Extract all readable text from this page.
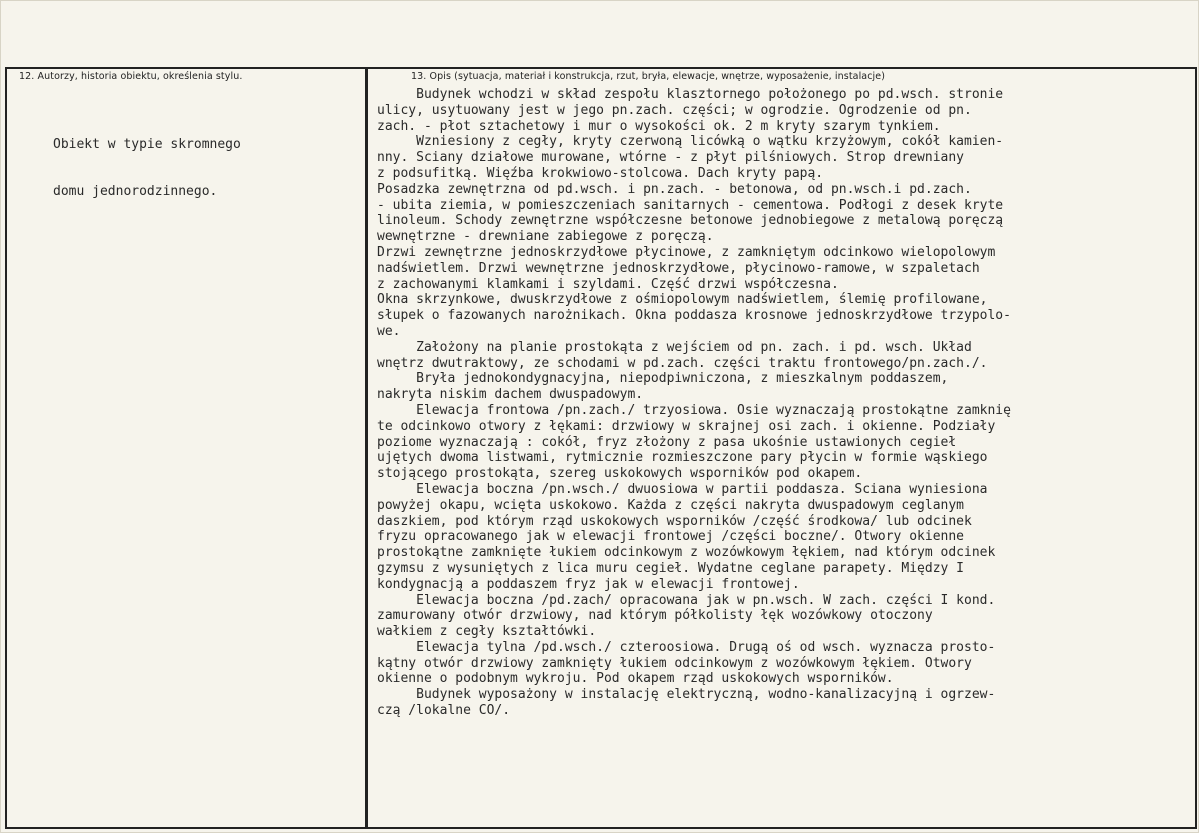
12. Autorzy, historia obiektu, określenia stylu.	13. Opis (sytuacja, materiał i konstrukcja, rzut, bryła, elewacje, wnętrze, wyposażenie, instalacje)

Obiekt w typie skromnego

domu jednorodzinnego.

Budynek wchodzi w skład zespołu klasztornego położonego po pd.wsch. stronie
ulicy, usytuowany jest w jego pn.zach. części; w ogrodzie. Ogrodzenie od pn.
zach. - płot sztachetowy i mur o wysokości ok. 2 m kryty szarym tynkiem.
Wzniesiony z cegły, kryty czerwoną licówką o wątku krzyżowym, cokół kamien-
nny. Sciany działowe murowane, wtórne - z płyt pilśniowych. Strop drewniany
z podsufitką. Więźba krokwiowo-stolcowa. Dach kryty papą.
Posadzka zewnętrzna od pd.wsch. i pn.zach. - betonowa, od pn.wsch.i pd.zach.
- ubita ziemia, w pomieszczeniach sanitarnych - cementowa. Podłogi z desek kryte
linoleum. Schody zewnętrzne współczesne betonowe jednobiegowe z metalową poręczą
wewnętrzne - drewniane zabiegowe z poręczą.
Drzwi zewnętrzne jednoskrzydłowe płycinowe, z zamkniętym odcinkowo wielopolowym
nadświetlem. Drzwi wewnętrzne jednoskrzydłowe, płycinowo-ramowe, w szpaletach
z zachowanymi klamkami i szyldami. Część drzwi współczesna.
Okna skrzynkowe, dwuskrzydłowe z ośmiopolowym nadświetlem, ślemię profilowane,
słupek o fazowanych narożnikach. Okna poddasza krosnowe jednoskrzydłowe trzypolo-
we.
Założony na planie prostokąta z wejściem od pn. zach. i pd. wsch. Układ
wnętrz dwutraktowy, ze schodami w pd.zach. części traktu frontowego/pn.zach./.
Bryła jednokondygnacyjna, niepodpiwniczona, z mieszkalnym poddaszem,
nakryta niskim dachem dwuspadowym.
Elewacja frontowa /pn.zach./ trzyosiowa. Osie wyznaczają prostokątne zamknię
te odcinkowo otwory z łękami: drzwiowy w skrajnej osi zach. i okienne. Podziały
poziome wyznaczają : cokół, fryz złożony z pasa ukośnie ustawionych cegieł
ujętych dwoma listwami, rytmicznie rozmieszczone pary płycin w formie wąskiego
stojącego prostokąta, szereg uskokowych wsporników pod okapem.
Elewacja boczna /pn.wsch./ dwuosiowa w partii poddasza. Sciana wyniesiona
powyżej okapu, wcięta uskokowo. Każda z części nakryta dwuspadowym ceglanym
daszkiem, pod którym rząd uskokowych wsporników /część środkowa/ lub odcinek
fryzu opracowanego jak w elewacji frontowej /części boczne/. Otwory okienne
prostokątne zamknięte łukiem odcinkowym z wozówkowym łękiem, nad którym odcinek
gzymsu z wysuniętych z lica muru cegieł. Wydatne ceglane parapety. Między I
kondygnacją a poddaszem fryz jak w elewacji frontowej.
Elewacja boczna /pd.zach/ opracowana jak w pn.wsch. W zach. części I kond.
zamurowany otwór drzwiowy, nad którym półkolisty łęk wozówkowy otoczony
wałkiem z cegły kształtówki.
Elewacja tylna /pd.wsch./ czteroosiowa. Drugą oś od wsch. wyznacza prosto-
kątny otwór drzwiowy zamknięty łukiem odcinkowym z wozówkowym łękiem. Otwory
okienne o podobnym wykroju. Pod okapem rząd uskokowych wsporników.
Budynek wyposażony w instalację elektryczną, wodno-kanalizacyjną i ogrzew-
czą /lokalne CO/.
